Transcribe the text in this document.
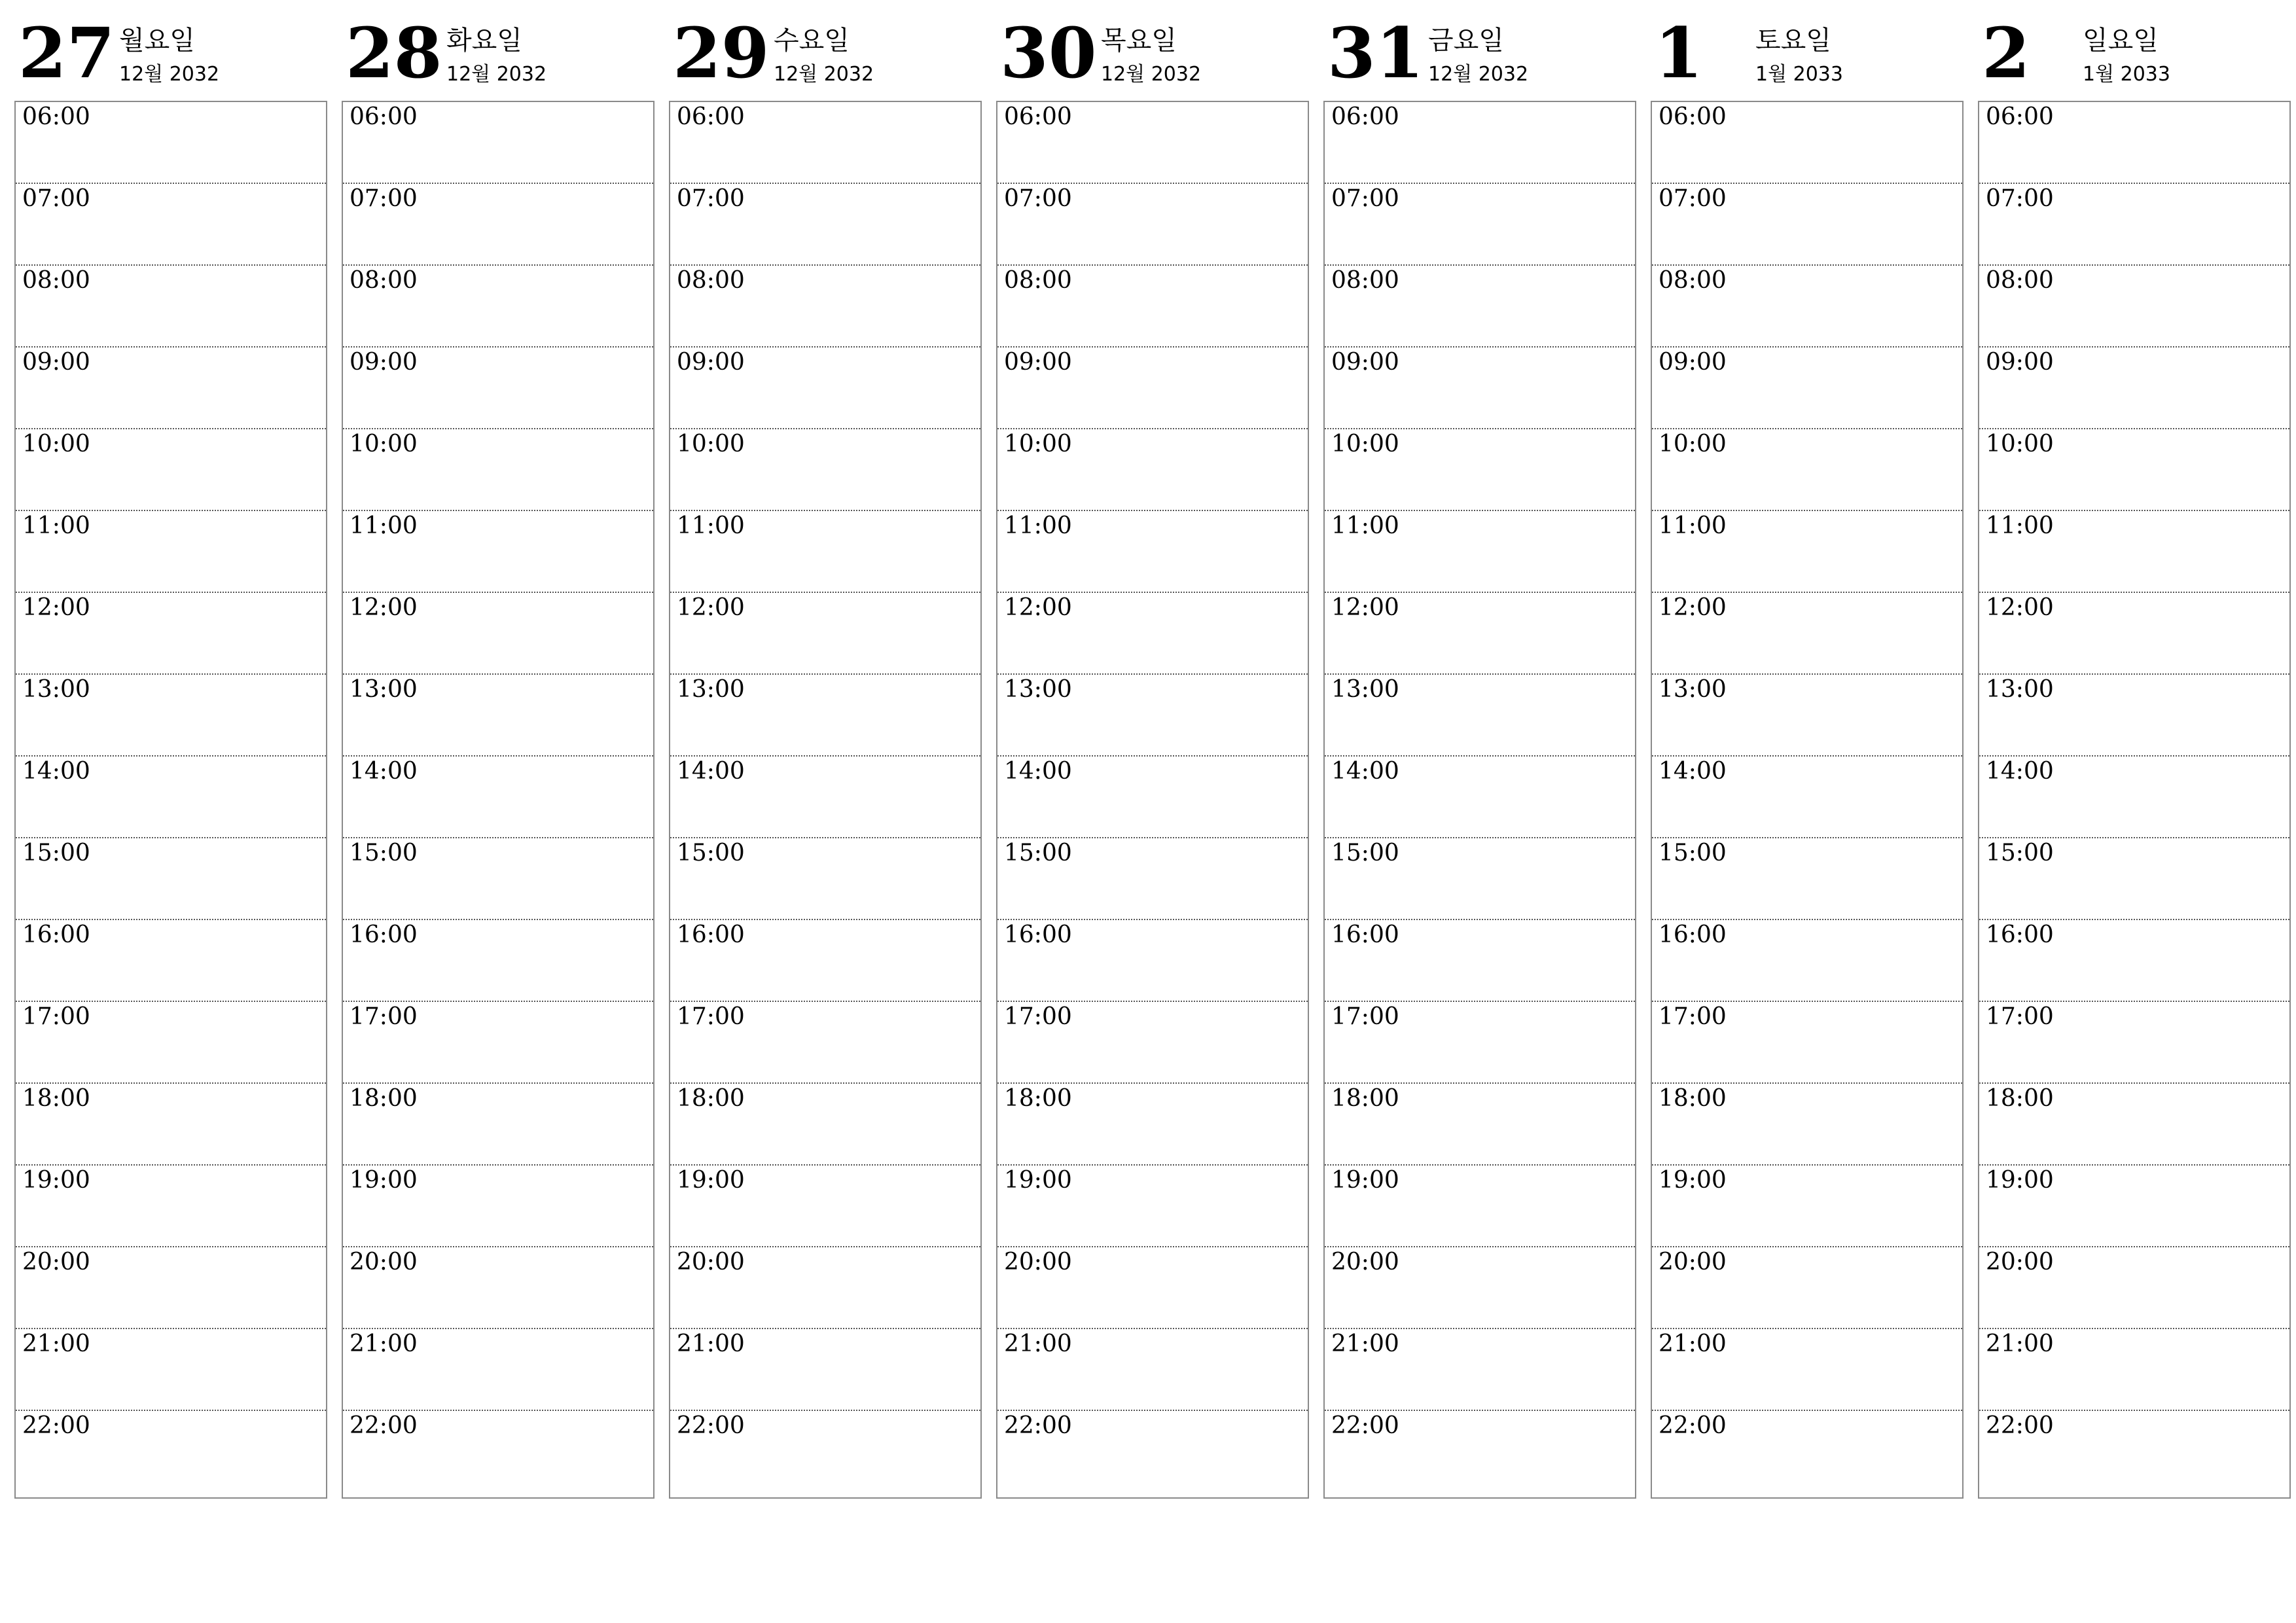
27 월요일
12월 2032
06:00
07:00
08:00
09:00
10:00
11:00
12:00
13:00
14:00
15:00
16:00
17:00
18:00
19:00
20:00
21:00
22:00
28 화요일
12월 2032
06:00
07:00
08:00
09:00
10:00
11:00
12:00
13:00
14:00
15:00
16:00
17:00
18:00
19:00
20:00
21:00
22:00
29 수요일
12월 2032
06:00
07:00
08:00
09:00
10:00
11:00
12:00
13:00
14:00
15:00
16:00
17:00
18:00
19:00
20:00
21:00
22:00
30 목요일
12월 2032
06:00
07:00
08:00
09:00
10:00
11:00
12:00
13:00
14:00
15:00
16:00
17:00
18:00
19:00
20:00
21:00
22:00
31 금요일
12월 2032
06:00
07:00
08:00
09:00
10:00
11:00
12:00
13:00
14:00
15:00
16:00
17:00
18:00
19:00
20:00
21:00
22:00
1 토요일
1월 2033
06:00
07:00
08:00
09:00
10:00
11:00
12:00
13:00
14:00
15:00
16:00
17:00
18:00
19:00
20:00
21:00
22:00
2 일요일
1월 2033
06:00
07:00
08:00
09:00
10:00
11:00
12:00
13:00
14:00
15:00
16:00
17:00
18:00
19:00
20:00
21:00
22:00
